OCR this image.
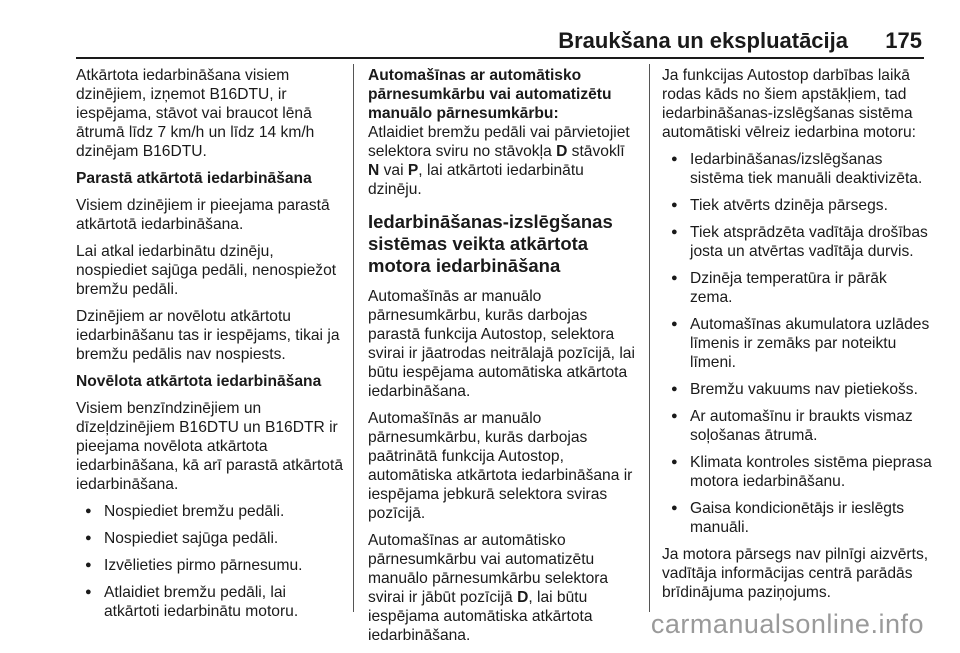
Braukšana un ekspluatācija 175

Atkārtota iedarbināšana visiem dzinējiem, izņemot B16DTU, ir iespējama, stāvot vai braucot lēnā ātrumā līdz 7 km/h un līdz 14 km/h dzinējam B16DTU.

Parastā atkārtotā iedarbināšana

Visiem dzinējiem ir pieejama parastā atkārtotā iedarbināšana.

Lai atkal iedarbinātu dzinēju, nospiediet sajūga pedāli, nenospiežot bremžu pedāli.

Dzinējiem ar novēlotu atkārtotu iedarbināšanu tas ir iespējams, tikai ja bremžu pedālis nav nospiests.

Novēlota atkārtota iedarbināšana

Visiem benzīndzinējiem un dīzeļdzinējiem B16DTU un B16DTR ir pieejama novēlota atkārtota iedarbināšana, kā arī parastā atkārtotā iedarbināšana.

● Nospiediet bremžu pedāli.
● Nospiediet sajūga pedāli.
● Izvēlieties pirmo pārnesumu.
● Atlaidiet bremžu pedāli, lai atkārtoti iedarbinātu motoru.

Automašīnas ar automātisko pārnesumkārbu vai automatizētu manuālo pārnesumkārbu:

Atlaidiet bremžu pedāli vai pārvietojiet selektora sviru no stāvokļa D stāvoklī N vai P, lai atkārtoti iedarbinātu dzinēju.

Iedarbināšanas-izslēgšanas sistēmas veikta atkārtota motora iedarbināšana

Automašīnās ar manuālo pārnesumkārbu, kurās darbojas parastā funkcija Autostop, selektora svirai ir jāatrodas neitrālajā pozīcijā, lai būtu iespējama automātiska atkārtota iedarbināšana.

Automašīnās ar manuālo pārnesumkārbu, kurās darbojas paātrinātā funkcija Autostop, automātiska atkārtota iedarbināšana ir iespējama jebkurā selektora sviras pozīcijā.

Automašīnas ar automātisko pārnesumkārbu vai automatizētu manuālo pārnesumkārbu selektora svirai ir jābūt pozīcijā D, lai būtu iespējama automātiska atkārtota iedarbināšana.

Ja funkcijas Autostop darbības laikā rodas kāds no šiem apstākļiem, tad iedarbināšanas-izslēgšanas sistēma automātiski vēlreiz iedarbina motoru:

● Iedarbināšanas/izslēgšanas sistēma tiek manuāli deaktivizēta.
● Tiek atvērts dzinēja pārsegs.
● Tiek atsprādzēta vadītāja drošības josta un atvērtas vadītāja durvis.
● Dzinēja temperatūra ir pārāk zema.
● Automašīnas akumulatora uzlādes līmenis ir zemāks par noteiktu līmeni.
● Bremžu vakuums nav pietiekošs.
● Ar automašīnu ir braukts vismaz soļošanas ātrumā.
● Klimata kontroles sistēma pieprasa motora iedarbināšanu.
● Gaisa kondicionētājs ir ieslēgts manuāli.

Ja motora pārsegs nav pilnīgi aizvērts, vadītāja informācijas centrā parādās brīdinājuma paziņojums.

carmanualsonline.info
